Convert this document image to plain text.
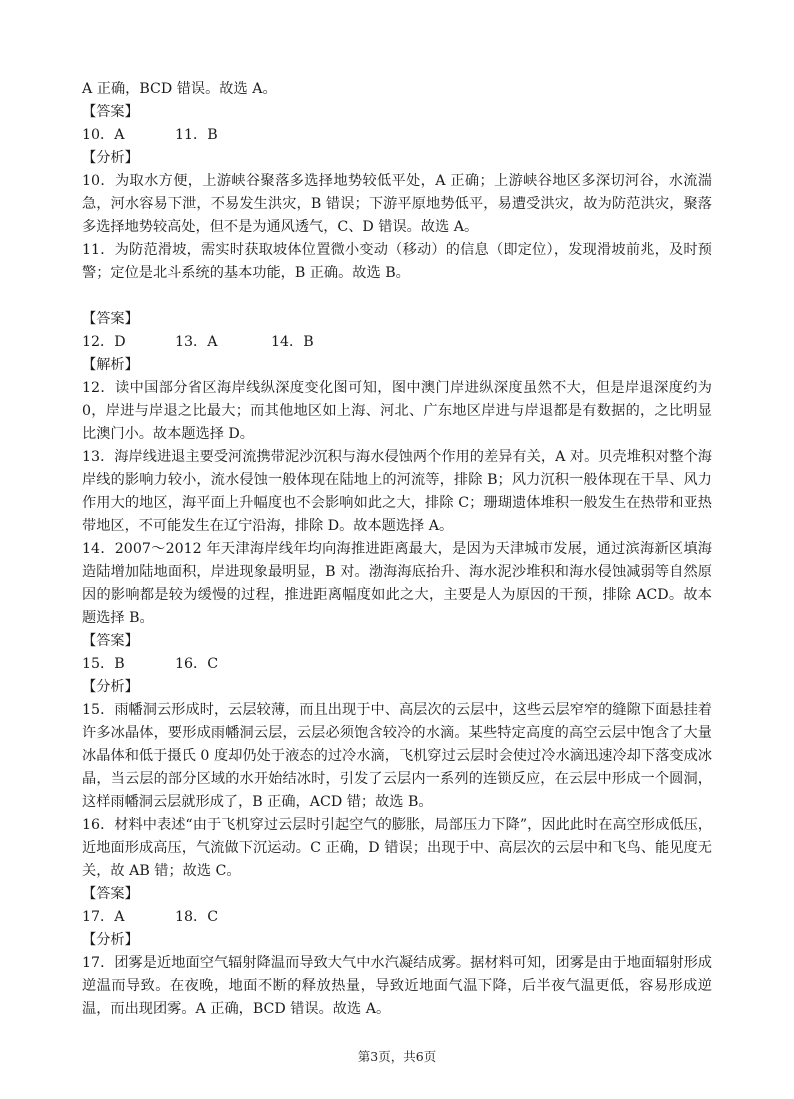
A 正确，BCD 错误。故选 A。
【答案】
10．A	11．B
【分析】
10．为取水方便，上游峡谷聚落多选择地势较低平处，A 正确；上游峡谷地区多深切河谷，水流湍急，河水容易下泄，不易发生洪灾，B 错误；下游平原地势低平，易遭受洪灾，故为防范洪灾，聚落多选择地势较高处，但不是为通风透气，C、D 错误。故选 A。
11．为防范滑坡，需实时获取坡体位置微小变动（移动）的信息（即定位），发现滑坡前兆，及时预警；定位是北斗系统的基本功能，B 正确。故选 B。
【答案】
12．D	13．A	14．B
【解析】
12．读中国部分省区海岸线纵深度变化图可知，图中澳门岸进纵深度虽然不大，但是岸退深度约为 0，岸进与岸退之比最大；而其他地区如上海、河北、广东地区岸进与岸退都是有数据的，之比明显比澳门小。故本题选择 D。
13．海岸线进退主要受河流携带泥沙沉积与海水侵蚀两个作用的差异有关，A 对。贝壳堆积对整个海岸线的影响力较小，流水侵蚀一般体现在陆地上的河流等，排除 B；风力沉积一般体现在干旱、风力作用大的地区，海平面上升幅度也不会影响如此之大，排除 C；珊瑚遗体堆积一般发生在热带和亚热带地区，不可能发生在辽宁沿海，排除 D。故本题选择 A。
14．2007～2012 年天津海岸线年均向海推进距离最大，是因为天津城市发展，通过滨海新区填海造陆增加陆地面积，岸进现象最明显，B 对。渤海海底抬升、海水泥沙堆积和海水侵蚀减弱等自然原因的影响都是较为缓慢的过程，推进距离幅度如此之大，主要是人为原因的干预，排除 ACD。故本题选择 B。
【答案】
15．B	16．C
【分析】
15．雨幡洞云形成时，云层较薄，而且出现于中、高层次的云层中，这些云层窄窄的缝隙下面悬挂着许多冰晶体，要形成雨幡洞云层，云层必须饱含较冷的水滴。某些特定高度的高空云层中饱含了大量冰晶体和低于摄氏 0 度却仍处于液态的过冷水滴，飞机穿过云层时会使过冷水滴迅速冷却下落变成冰晶，当云层的部分区域的水开始结冰时，引发了云层内一系列的连锁反应，在云层中形成一个圆洞，这样雨幡洞云层就形成了，B 正确，ACD 错；故选 B。
16．材料中表述“由于飞机穿过云层时引起空气的膨胀，局部压力下降”，因此此时在高空形成低压，近地面形成高压，气流做下沉运动。C 正确，D 错误；出现于中、高层次的云层中和飞鸟、能见度无关，故 AB 错；故选 C。
【答案】
17．A	18．C
【分析】
17．团雾是近地面空气辐射降温而导致大气中水汽凝结成雾。据材料可知，团雾是由于地面辐射形成逆温而导致。在夜晚，地面不断的释放热量，导致近地面气温下降，后半夜气温更低，容易形成逆温，而出现团雾。A 正确，BCD 错误。故选 A。
第3页，共6页
